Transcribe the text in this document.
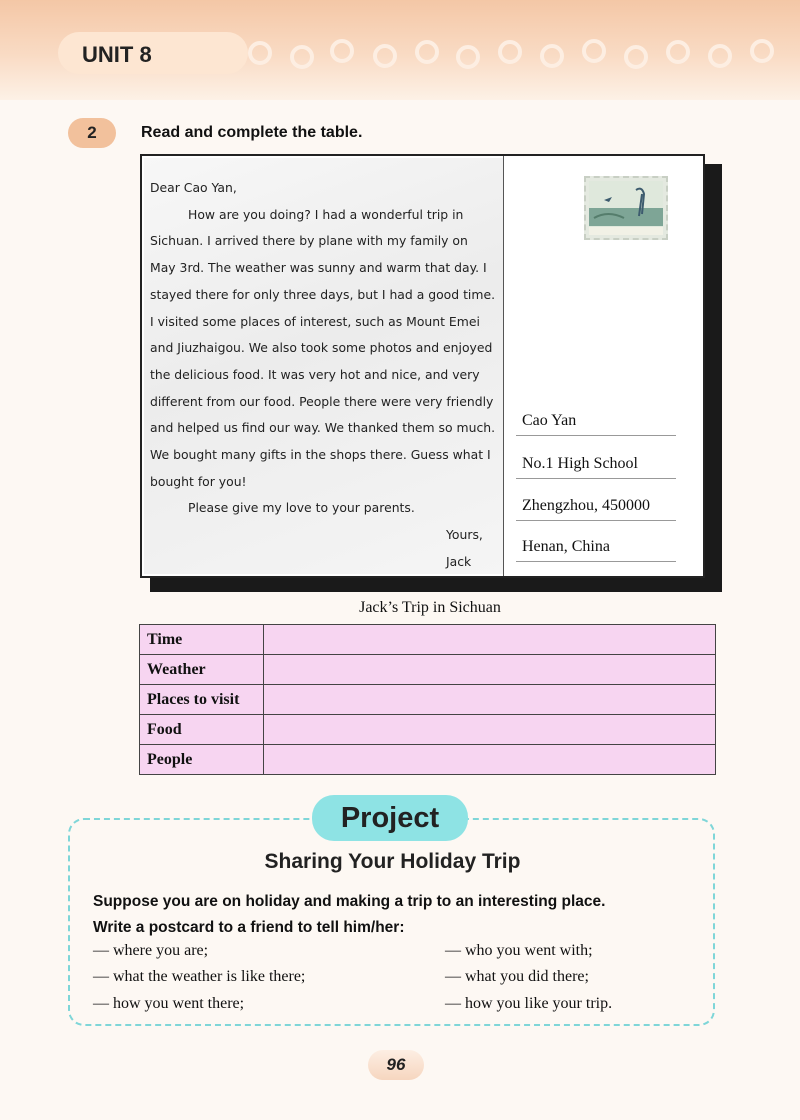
UNIT 8
2	Read and complete the table.
Dear Cao Yan,
How are you doing? I had a wonderful trip in
Sichuan. I arrived there by plane with my family on
May 3rd. The weather was sunny and warm that day. I
stayed there for only three days, but I had a good time.
I visited some places of interest, such as Mount Emei
and Jiuzhaigou. We also took some photos and enjoyed
the delicious food. It was very hot and nice, and very
different from our food. People there were very friendly
and helped us find our way. We thanked them so much.
We bought many gifts in the shops there. Guess what I
bought for you!
Please give my love to your parents.
Yours,
Jack
Cao Yan
No.1 High School
Zhengzhou, 450000
Henan, China
Jack’s Trip in Sichuan
Time	
Weather	
Places to visit	
Food	
People	
Project
Sharing Your Holiday Trip
Suppose you are on holiday and making a trip to an interesting place.
Write a postcard to a friend to tell him/her:
— where you are;
— what the weather is like there;
— how you went there;
— who you went with;
— what you did there;
— how you like your trip.
96
